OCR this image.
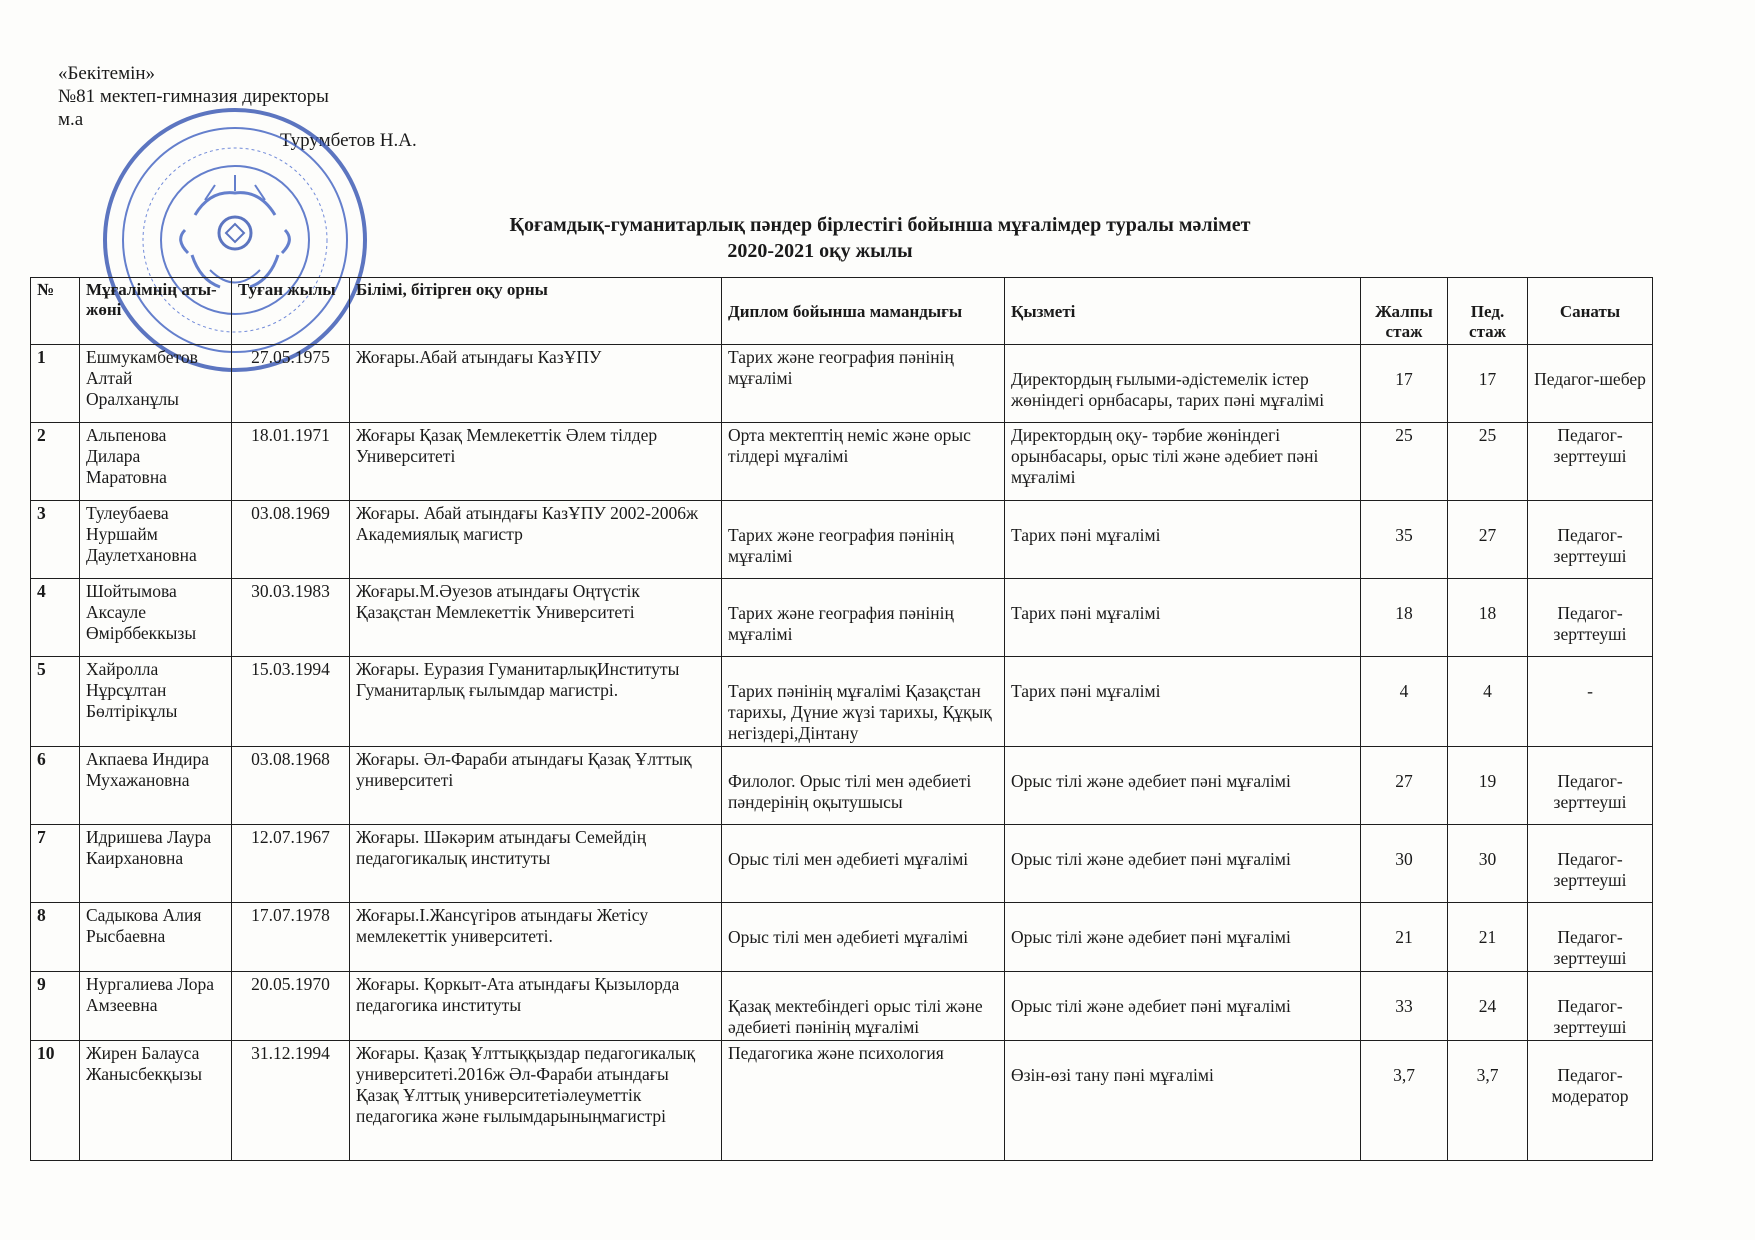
«Бекітемін»
№81 мектеп-гимназия директоры
м.а
Турумбетов Н.А.
Қоғамдық-гуманитарлық пәндер бірлестігі бойынша мұғалімдер туралы мәлімет
2020-2021 оқу жылы
№	Мұғалімнің аты-жөні	Туған жылы	Білімі, бітірген оқу орны	Диплом бойынша мамандығы	Қызметі	Жалпы стаж	Пед. стаж	Санаты
1	Ешмукамбетов Алтай Оралханұлы	27.05.1975	Жоғары.Абай атындағы КазҰПУ	Тарих және география пәнінің мұғалімі	Директордың ғылыми-әдістемелік істер жөніндегі орнбасары, тарих пәні мұғалімі	17	17	Педагог-шебер
2	Альпенова Дилара Маратовна	18.01.1971	Жоғары Қазақ Мемлекеттік Әлем тілдер Университеті	Орта мектептің неміс және орыс тілдері мұғалімі	Директордың оқу- тәрбие жөніндегі орынбасары, орыс тілі және әдебиет пәні мұғалімі	25	25	Педагог-зерттеуші
3	Тулеубаева Нуршайм Даулетхановна	03.08.1969	Жоғары. Абай атындағы КазҰПУ 2002-2006ж Академиялық магистр	Тарих және география пәнінің мұғалімі	Тарих пәні мұғалімі	35	27	Педагог-зерттеуші
4	Шойтымова Аксауле Өмірббеккызы	30.03.1983	Жоғары.М.Әуезов атындағы Оңтүстік Қазақстан Мемлекеттік Университеті	Тарих және география пәнінің мұғалімі	Тарих пәні мұғалімі	18	18	Педагог-зерттеуші
5	Хайролла Нұрсұлтан Бөлтірікұлы	15.03.1994	Жоғары. Еуразия ГуманитарлықИнституты Гуманитарлық ғылымдар магистрі.	Тарих пәнінің мұғалімі Қазақстан тарихы, Дүние жүзі тарихы, Құқық негіздері,Дінтану	Тарих пәні мұғалімі	4	4	-
6	Акпаева Индира Мухажановна	03.08.1968	Жоғары. Әл-Фараби атындағы Қазақ Ұлттық университеті	Филолог. Орыс тілі мен әдебиеті пәндерінің оқытушысы	Орыс тілі және әдебиет пәні мұғалімі	27	19	Педагог-зерттеуші
7	Идришева Лаура Каирхановна	12.07.1967	Жоғары. Шәкәрим атындағы Семейдің педагогикалық институты	Орыс тілі мен әдебиеті мұғалімі	Орыс тілі және әдебиет пәні мұғалімі	30	30	Педагог-зерттеуші
8	Садыкова Алия Рысбаевна	17.07.1978	Жоғары.І.Жансүгіров атындағы Жетісу мемлекеттік университеті.	Орыс тілі мен әдебиеті мұғалімі	Орыс тілі және әдебиет пәні мұғалімі	21	21	Педагог-зерттеуші
9	Нургалиева Лора Амзеевна	20.05.1970	Жоғары. Қоркыт-Ата атындағы Қызылорда педагогика институты	Қазақ мектебіндегі орыс тілі және әдебиеті пәнінің мұғалімі	Орыс тілі және әдебиет пәні мұғалімі	33	24	Педагог-зерттеуші
10	Жирен Балауса Жанысбекқызы	31.12.1994	Жоғары. Қазақ Ұлттыққыздар педагогикалық университеті.2016ж Әл-Фараби атындағы Қазақ Ұлттық университетіәлеуметтік педагогика және ғылымдарыныңмагистрі	Педагогика және психология	Өзін-өзі тану пәні мұғалімі	3,7	3,7	Педагог-модератор
